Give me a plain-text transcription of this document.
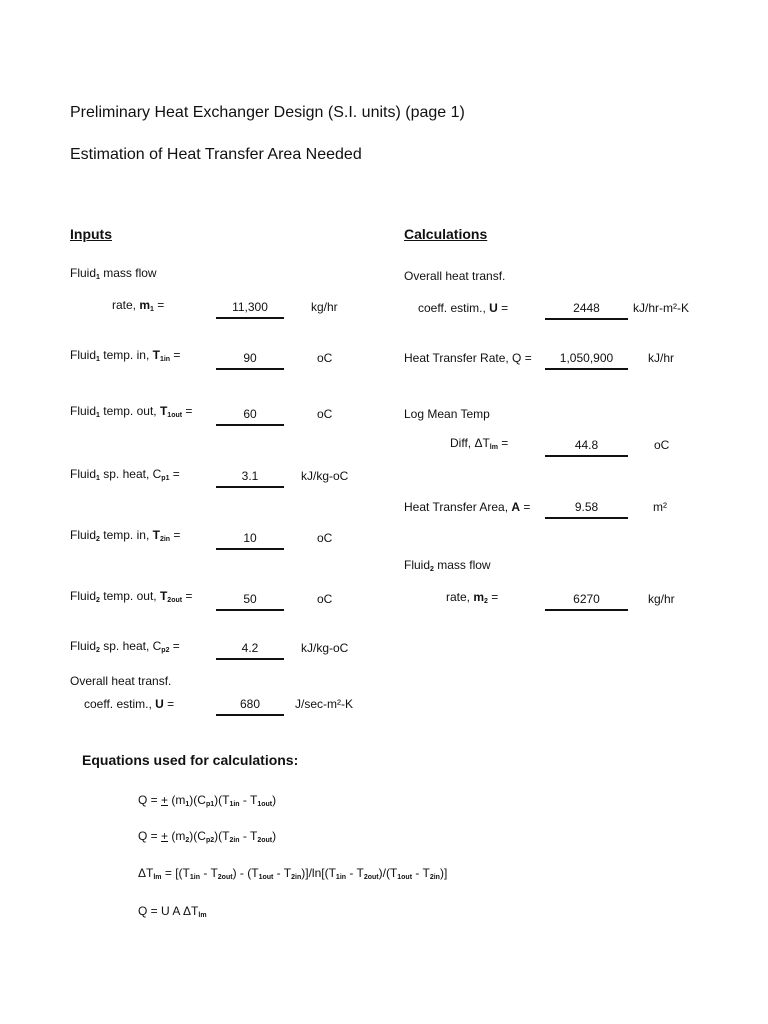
Preliminary Heat Exchanger Design (S.I. units) (page 1)
Estimation of Heat Transfer Area Needed
Inputs	Calculations
Fluid$_1$ mass flow
rate, $m_1$ =	11,300	kg/hr
Fluid$_1$ temp. in, $T_{1in}$ =	90	oC
Fluid$_1$ temp. out, $T_{1out}$ =	60	oC
Fluid$_1$ sp. heat, $C_{p1}$ =	3.1	kJ/kg-oC
Fluid$_2$ temp. in, $T_{2in}$ =	10	oC
Fluid$_2$ temp. out, $T_{2out}$ =	50	oC
Fluid$_2$ sp. heat, $C_{p2}$ =	4.2	kJ/kg-oC
Overall heat transf.
coeff. estim., U =	680	J/sec-m²-K
Overall heat transf.
coeff. estim., U =	2448	kJ/hr-m²-K
Heat Transfer Rate, Q =	1,050,900	kJ/hr
Log Mean Temp
Diff, $\Delta T_{lm}$ =	44.8	oC
Heat Transfer Area, A =	9.58	m²
Fluid$_2$ mass flow
rate, $m_2$ =	6270	kg/hr
Equations used for calculations:
Q = + $(m_1)(C_{p1})(T_{1in} - T_{1out})$
Q = + $(m_2)(C_{p2})(T_{2in} - T_{2out})$
$\Delta T_{lm} = [(T_{1in} - T_{2out}) - (T_{1out} - T_{2in})]/\ln[(T_{1in} - T_{2out})/(T_{1out} - T_{2in})]$
Q = U A $\Delta T_{lm}$
